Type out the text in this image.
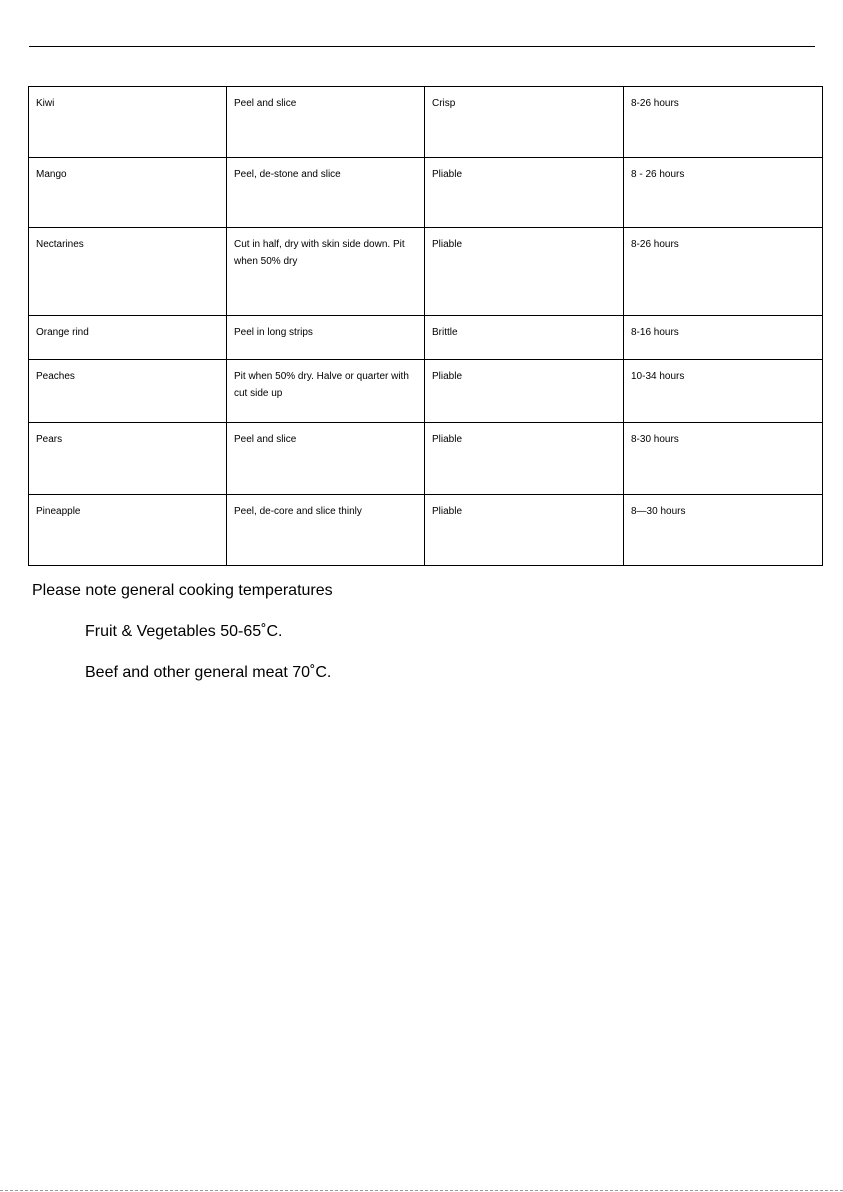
Kiwi	Peel and slice	Crisp	8-26 hours
Mango	Peel, de-stone and slice	Pliable	8 - 26 hours
Nectarines	Cut in half, dry with skin side down. Pit when 50% dry	Pliable	8-26 hours
Orange rind	Peel in long strips	Brittle	8-16 hours
Peaches	Pit when 50% dry. Halve or quarter with cut side up	Pliable	10-34 hours
Pears	Peel and slice	Pliable	8-30 hours
Pineapple	Peel, de-core and slice thinly	Pliable	8—30 hours

Please note general cooking temperatures

Fruit & Vegetables 50-65˚C.

Beef and other general meat 70˚C.
